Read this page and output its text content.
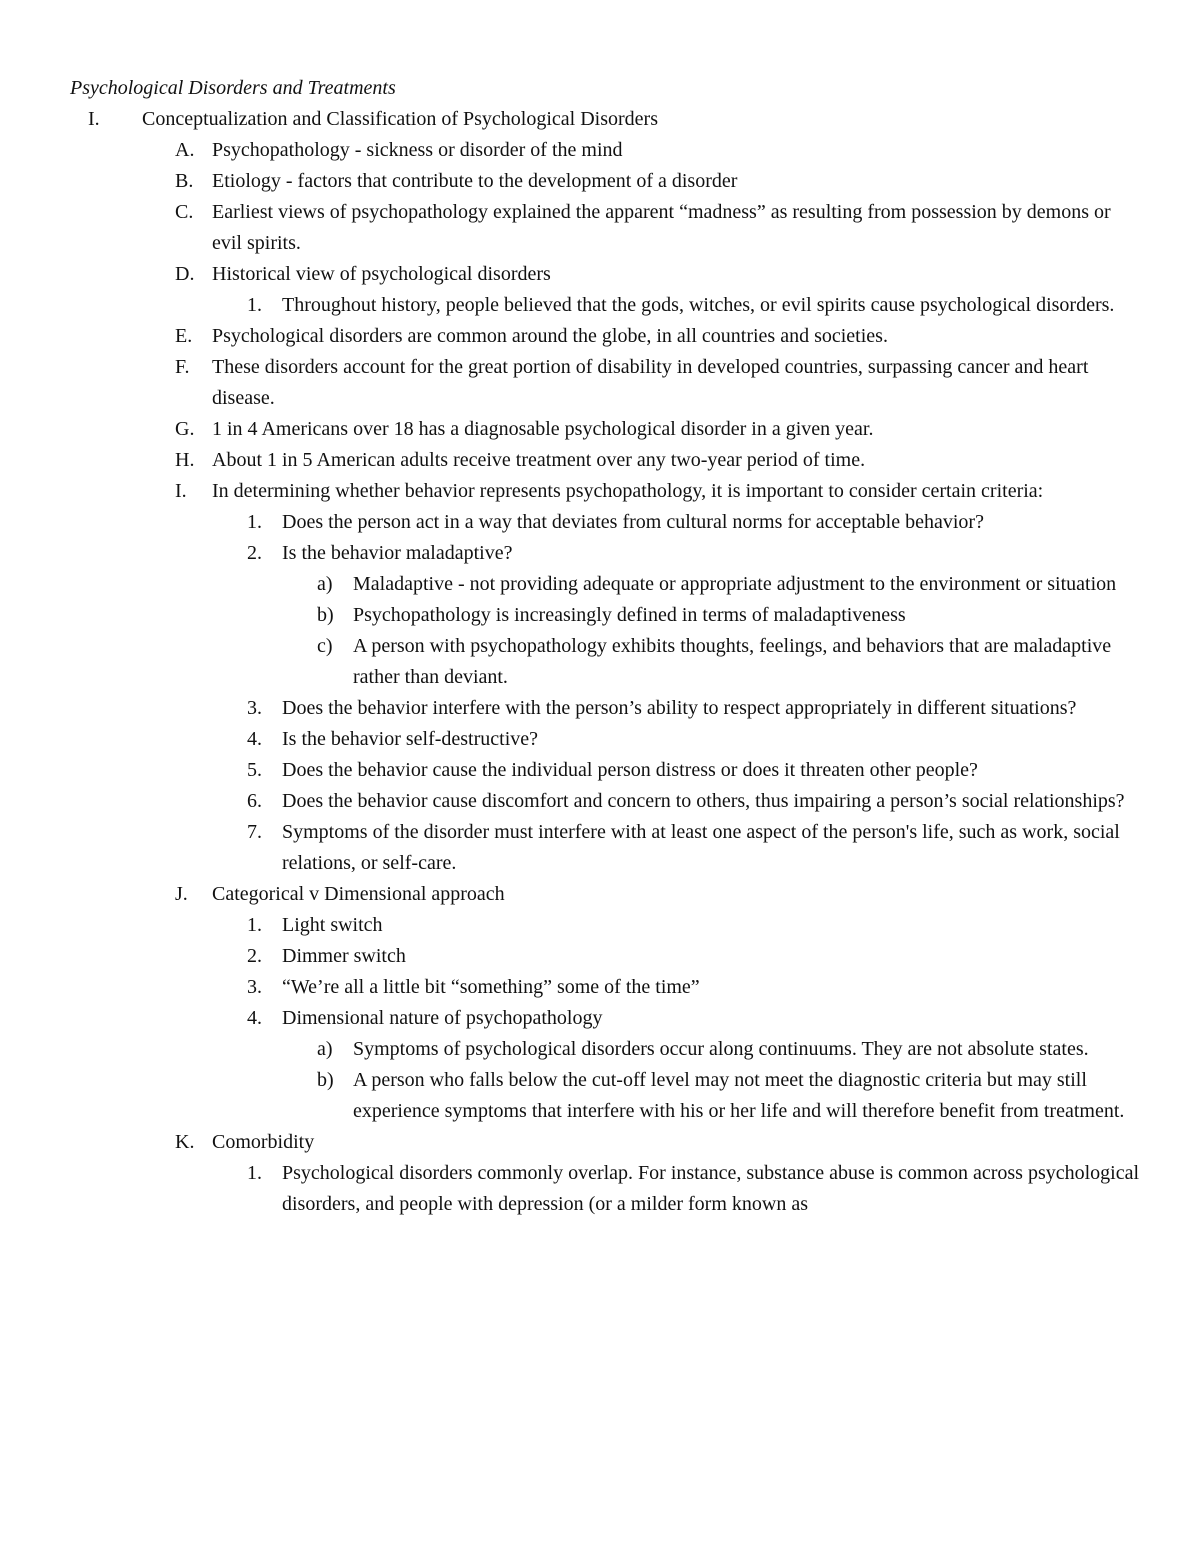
Psychological Disorders and Treatments
I. Conceptualization and Classification of Psychological Disorders
A. Psychopathology - sickness or disorder of the mind
B. Etiology - factors that contribute to the development of a disorder
C. Earliest views of psychopathology explained the apparent “madness” as resulting from possession by demons or evil spirits.
D. Historical view of psychological disorders
1. Throughout history, people believed that the gods, witches, or evil spirits cause psychological disorders.
E. Psychological disorders are common around the globe, in all countries and societies.
F. These disorders account for the great portion of disability in developed countries, surpassing cancer and heart disease.
G. 1 in 4 Americans over 18 has a diagnosable psychological disorder in a given year.
H. About 1 in 5 American adults receive treatment over any two-year period of time.
I. In determining whether behavior represents psychopathology, it is important to consider certain criteria:
1. Does the person act in a way that deviates from cultural norms for acceptable behavior?
2. Is the behavior maladaptive?
a) Maladaptive - not providing adequate or appropriate adjustment to the environment or situation
b) Psychopathology is increasingly defined in terms of maladaptiveness
c) A person with psychopathology exhibits thoughts, feelings, and behaviors that are maladaptive rather than deviant.
3. Does the behavior interfere with the person’s ability to respect appropriately in different situations?
4. Is the behavior self-destructive?
5. Does the behavior cause the individual person distress or does it threaten other people?
6. Does the behavior cause discomfort and concern to others, thus impairing a person’s social relationships?
7. Symptoms of the disorder must interfere with at least one aspect of the person's life, such as work, social relations, or self-care.
J. Categorical v Dimensional approach
1. Light switch
2. Dimmer switch
3. “We’re all a little bit “something” some of the time”
4. Dimensional nature of psychopathology
a) Symptoms of psychological disorders occur along continuums. They are not absolute states.
b) A person who falls below the cut-off level may not meet the diagnostic criteria but may still experience symptoms that interfere with his or her life and will therefore benefit from treatment.
K. Comorbidity
1. Psychological disorders commonly overlap. For instance, substance abuse is common across psychological disorders, and people with depression (or a milder form known as
